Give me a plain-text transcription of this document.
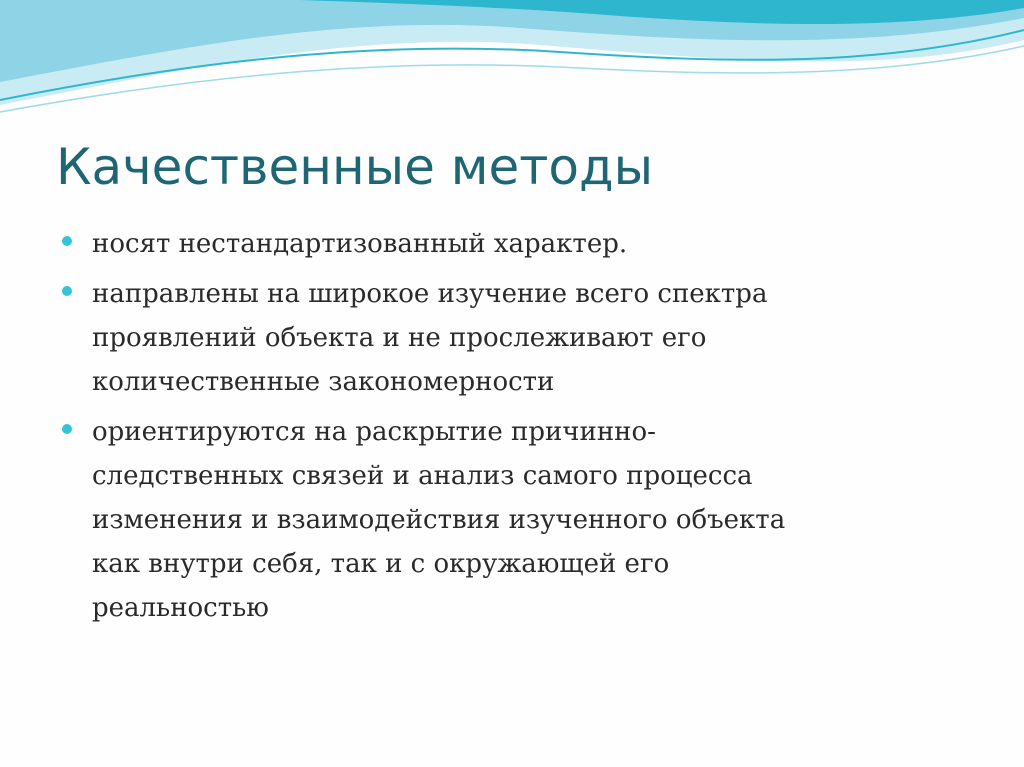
Качественные методы
носят нестандартизованный характер.
направлены на широкое изучение всего спектра
проявлений объекта и не прослеживают его
количественные закономерности
ориентируются на раскрытие причинно-
следственных связей и анализ самого процесса
изменения и взаимодействия изученного объекта
как внутри себя, так и с окружающей его
реальностью
